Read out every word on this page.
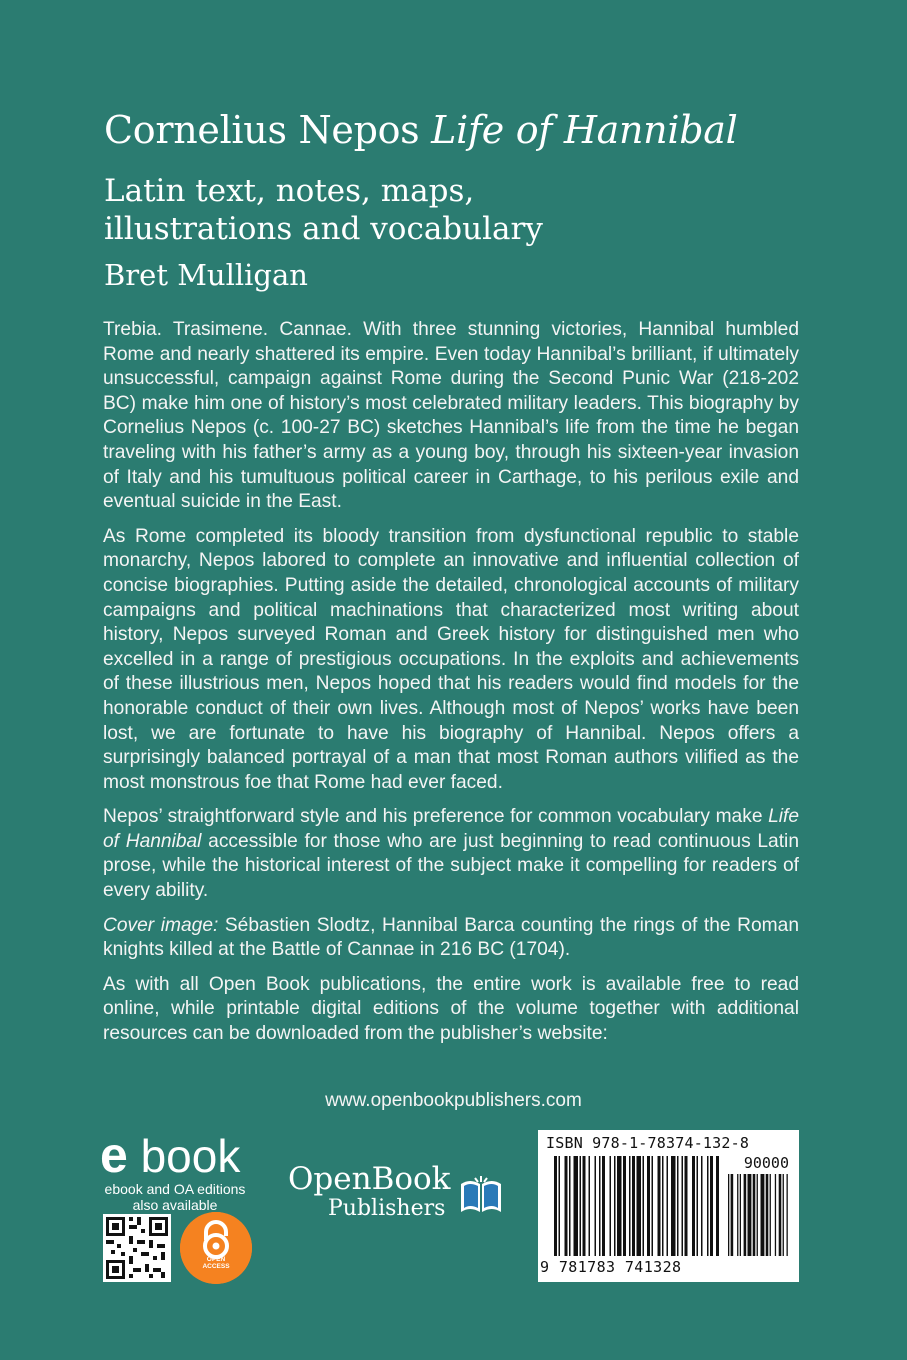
Cornelius Nepos Life of Hannibal
Latin text, notes, maps,
illustrations and vocabulary
Bret Mulligan

Trebia. Trasimene. Cannae. With three stunning victories, Hannibal humbled Rome and nearly shattered its empire. Even today Hannibal’s brilliant, if ultimately unsuccessful, campaign against Rome during the Second Punic War (218-202 BC) make him one of history’s most celebrated military leaders. This biography by Cornelius Nepos (c. 100-27 BC) sketches Hannibal’s life from the time he began traveling with his father’s army as a young boy, through his sixteen-year invasion of Italy and his tumultuous political career in Carthage, to his perilous exile and eventual suicide in the East.

As Rome completed its bloody transition from dysfunctional republic to stable monarchy, Nepos labored to complete an innovative and influential collection of concise biographies. Putting aside the detailed, chronological accounts of military campaigns and political machinations that characterized most writing about history, Nepos surveyed Roman and Greek history for distinguished men who excelled in a range of prestigious occupations. In the exploits and achievements of these illustrious men, Nepos hoped that his readers would find models for the honorable conduct of their own lives. Although most of Nepos’ works have been lost, we are fortunate to have his biography of Hannibal. Nepos offers a surprisingly balanced portrayal of a man that most Roman authors vilified as the most monstrous foe that Rome had ever faced.

Nepos’ straightforward style and his preference for common vocabulary make Life of Hannibal accessible for those who are just beginning to read continuous Latin prose, while the historical interest of the subject make it compelling for readers of every ability.

Cover image: Sébastien Slodtz, Hannibal Barca counting the rings of the Roman knights killed at the Battle of Cannae in 216 BC (1704).

As with all Open Book publications, the entire work is available free to read online, while printable digital editions of the volume together with additional resources can be downloaded from the publisher’s website:

www.openbookpublishers.com
e book
ebook and OA editions
also available
OPEN
ACCESS
OpenBook
Publishers
ISBN 978-1-78374-132-8
90000
9 781783 741328
